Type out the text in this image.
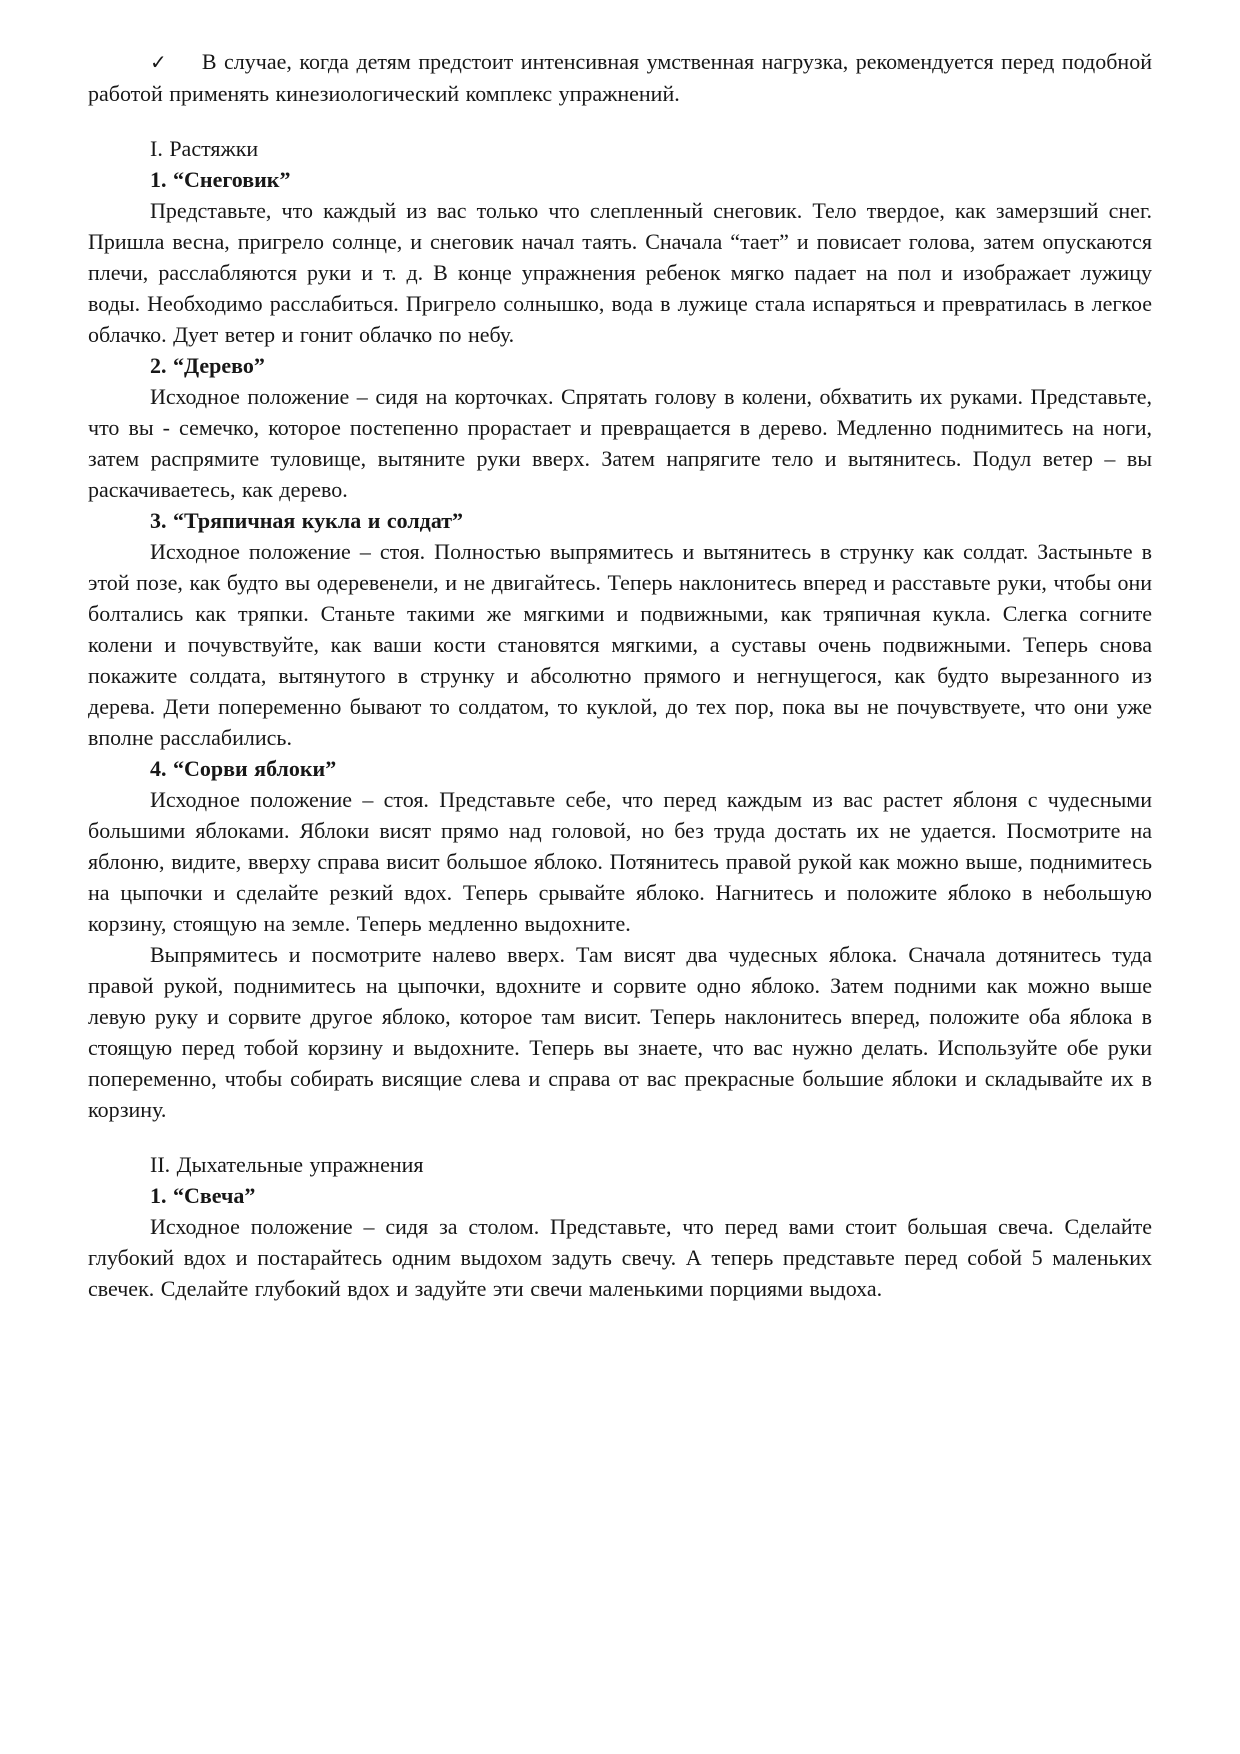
✓ В случае, когда детям предстоит интенсивная умственная нагрузка, рекомендуется перед подобной работой применять кинезиологический комплекс упражнений.

I. Растяжки

1. “Снеговик”

Представьте, что каждый из вас только что слепленный снеговик. Тело твердое, как замерзший снег. Пришла весна, пригрело солнце, и снеговик начал таять. Сначала “тает” и повисает голова, затем опускаются плечи, расслабляются руки и т. д. В конце упражнения ребенок мягко падает на пол и изображает лужицу воды. Необходимо расслабиться. Пригрело солнышко, вода в лужице стала испаряться и превратилась в легкое облачко. Дует ветер и гонит облачко по небу.

2. “Дерево”

Исходное положение – сидя на корточках. Спрятать голову в колени, обхватить их руками. Представьте, что вы - семечко, которое постепенно прорастает и превращается в дерево. Медленно поднимитесь на ноги, затем распрямите туловище, вытяните руки вверх. Затем напрягите тело и вытянитесь. Подул ветер – вы раскачиваетесь, как дерево.

3. “Тряпичная кукла и солдат”

Исходное положение – стоя. Полностью выпрямитесь и вытянитесь в струнку как солдат. Застыньте в этой позе, как будто вы одеревенели, и не двигайтесь. Теперь наклонитесь вперед и расставьте руки, чтобы они болтались как тряпки. Станьте такими же мягкими и подвижными, как тряпичная кукла. Слегка согните колени и почувствуйте, как ваши кости становятся мягкими, а суставы очень подвижными. Теперь снова покажите солдата, вытянутого в струнку и абсолютно прямого и негнущегося, как будто вырезанного из дерева. Дети попеременно бывают то солдатом, то куклой, до тех пор, пока вы не почувствуете, что они уже вполне расслабились.

4. “Сорви яблоки”

Исходное положение – стоя. Представьте себе, что перед каждым из вас растет яблоня с чудесными большими яблоками. Яблоки висят прямо над головой, но без труда достать их не удается. Посмотрите на яблоню, видите, вверху справа висит большое яблоко. Потянитесь правой рукой как можно выше, поднимитесь на цыпочки и сделайте резкий вдох. Теперь срывайте яблоко. Нагнитесь и положите яблоко в небольшую корзину, стоящую на земле. Теперь медленно выдохните.

Выпрямитесь и посмотрите налево вверх. Там висят два чудесных яблока. Сначала дотянитесь туда правой рукой, поднимитесь на цыпочки, вдохните и сорвите одно яблоко. Затем подними как можно выше левую руку и сорвите другое яблоко, которое там висит. Теперь наклонитесь вперед, положите оба яблока в стоящую перед тобой корзину и выдохните. Теперь вы знаете, что вас нужно делать. Используйте обе руки попеременно, чтобы собирать висящие слева и справа от вас прекрасные большие яблоки и складывайте их в корзину.

II. Дыхательные упражнения

1. “Свеча”

Исходное положение – сидя за столом. Представьте, что перед вами стоит большая свеча. Сделайте глубокий вдох и постарайтесь одним выдохом задуть свечу. А теперь представьте перед собой 5 маленьких свечек. Сделайте глубокий вдох и задуйте эти свечи маленькими порциями выдоха.
